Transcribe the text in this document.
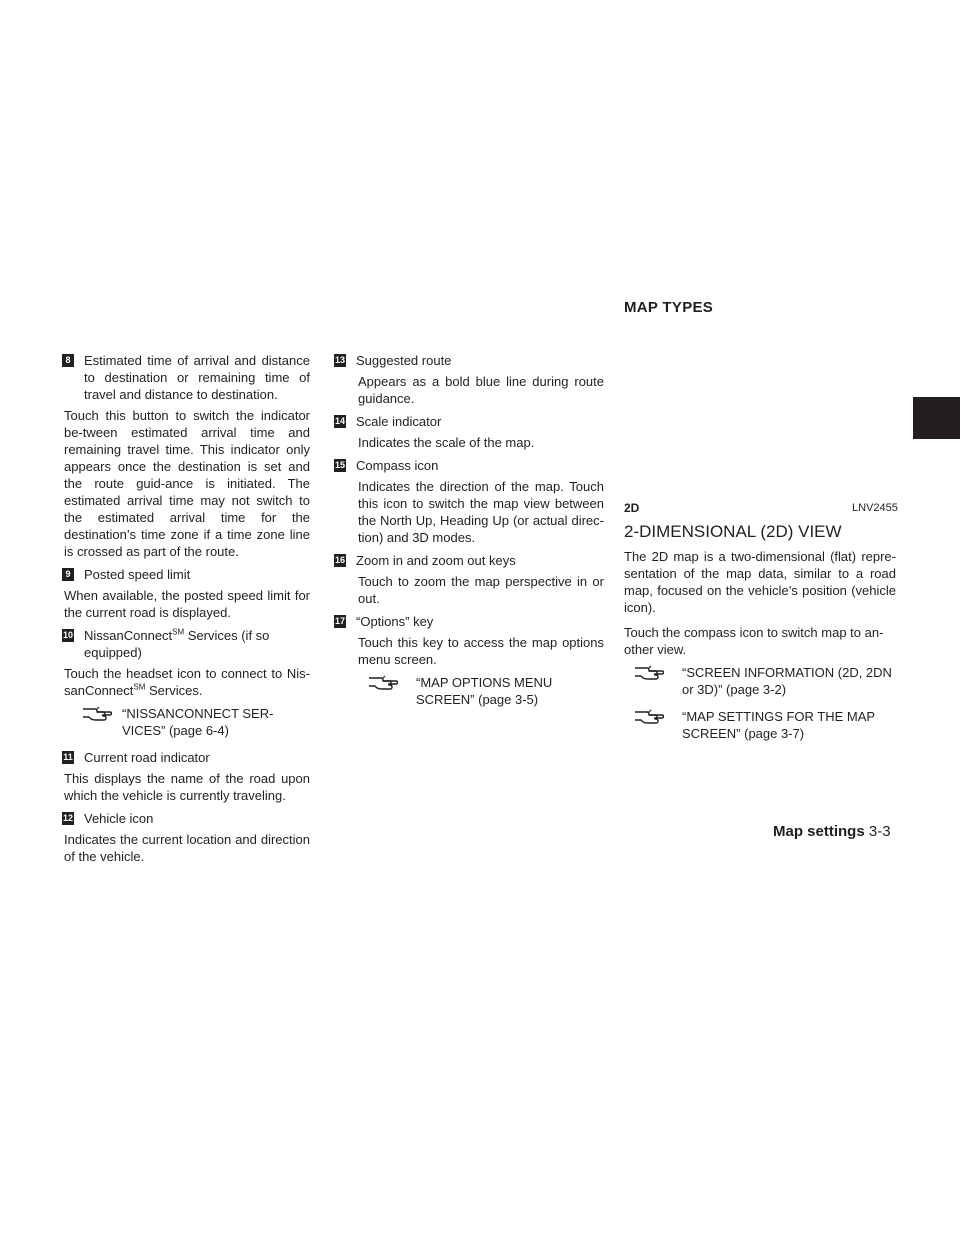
8 Estimated time of arrival and distance to destination or remaining time of travel and distance to destination.
Touch this button to switch the indicator be-tween estimated arrival time and remaining travel time. This indicator only appears once the destination is set and the route guid-ance is initiated. The estimated arrival time may not switch to the estimated arrival time for the destination’s time zone if a time zone line is crossed as part of the route.
9 Posted speed limit
When available, the posted speed limit for the current road is displayed.
10 NissanConnect℠ Services (if so equipped)
Touch the headset icon to connect to Nis-sanConnect℠ Services.
“NISSANCONNECT SER-VICES” (page 6-4)
11 Current road indicator
This displays the name of the road upon which the vehicle is currently traveling.
12 Vehicle icon
Indicates the current location and direction of the vehicle.
13 Suggested route
Appears as a bold blue line during route guidance.
14 Scale indicator
Indicates the scale of the map.
15 Compass icon
Indicates the direction of the map. Touch this icon to switch the map view between the North Up, Heading Up (or actual direc-tion) and 3D modes.
16 Zoom in and zoom out keys
Touch to zoom the map perspective in or out.
17 “Options” key
Touch this key to access the map options menu screen.
“MAP OPTIONS MENU SCREEN” (page 3-5)
MAP TYPES
2D	LNV2455
2-DIMENSIONAL (2D) VIEW
The 2D map is a two-dimensional (flat) repre-sentation of the map data, similar to a road map, focused on the vehicle’s position (vehicle icon).
Touch the compass icon to switch map to an-other view.
“SCREEN INFORMATION (2D, 2DN or 3D)” (page 3-2)
“MAP SETTINGS FOR THE MAP SCREEN” (page 3-7)
Map settings 3-3
